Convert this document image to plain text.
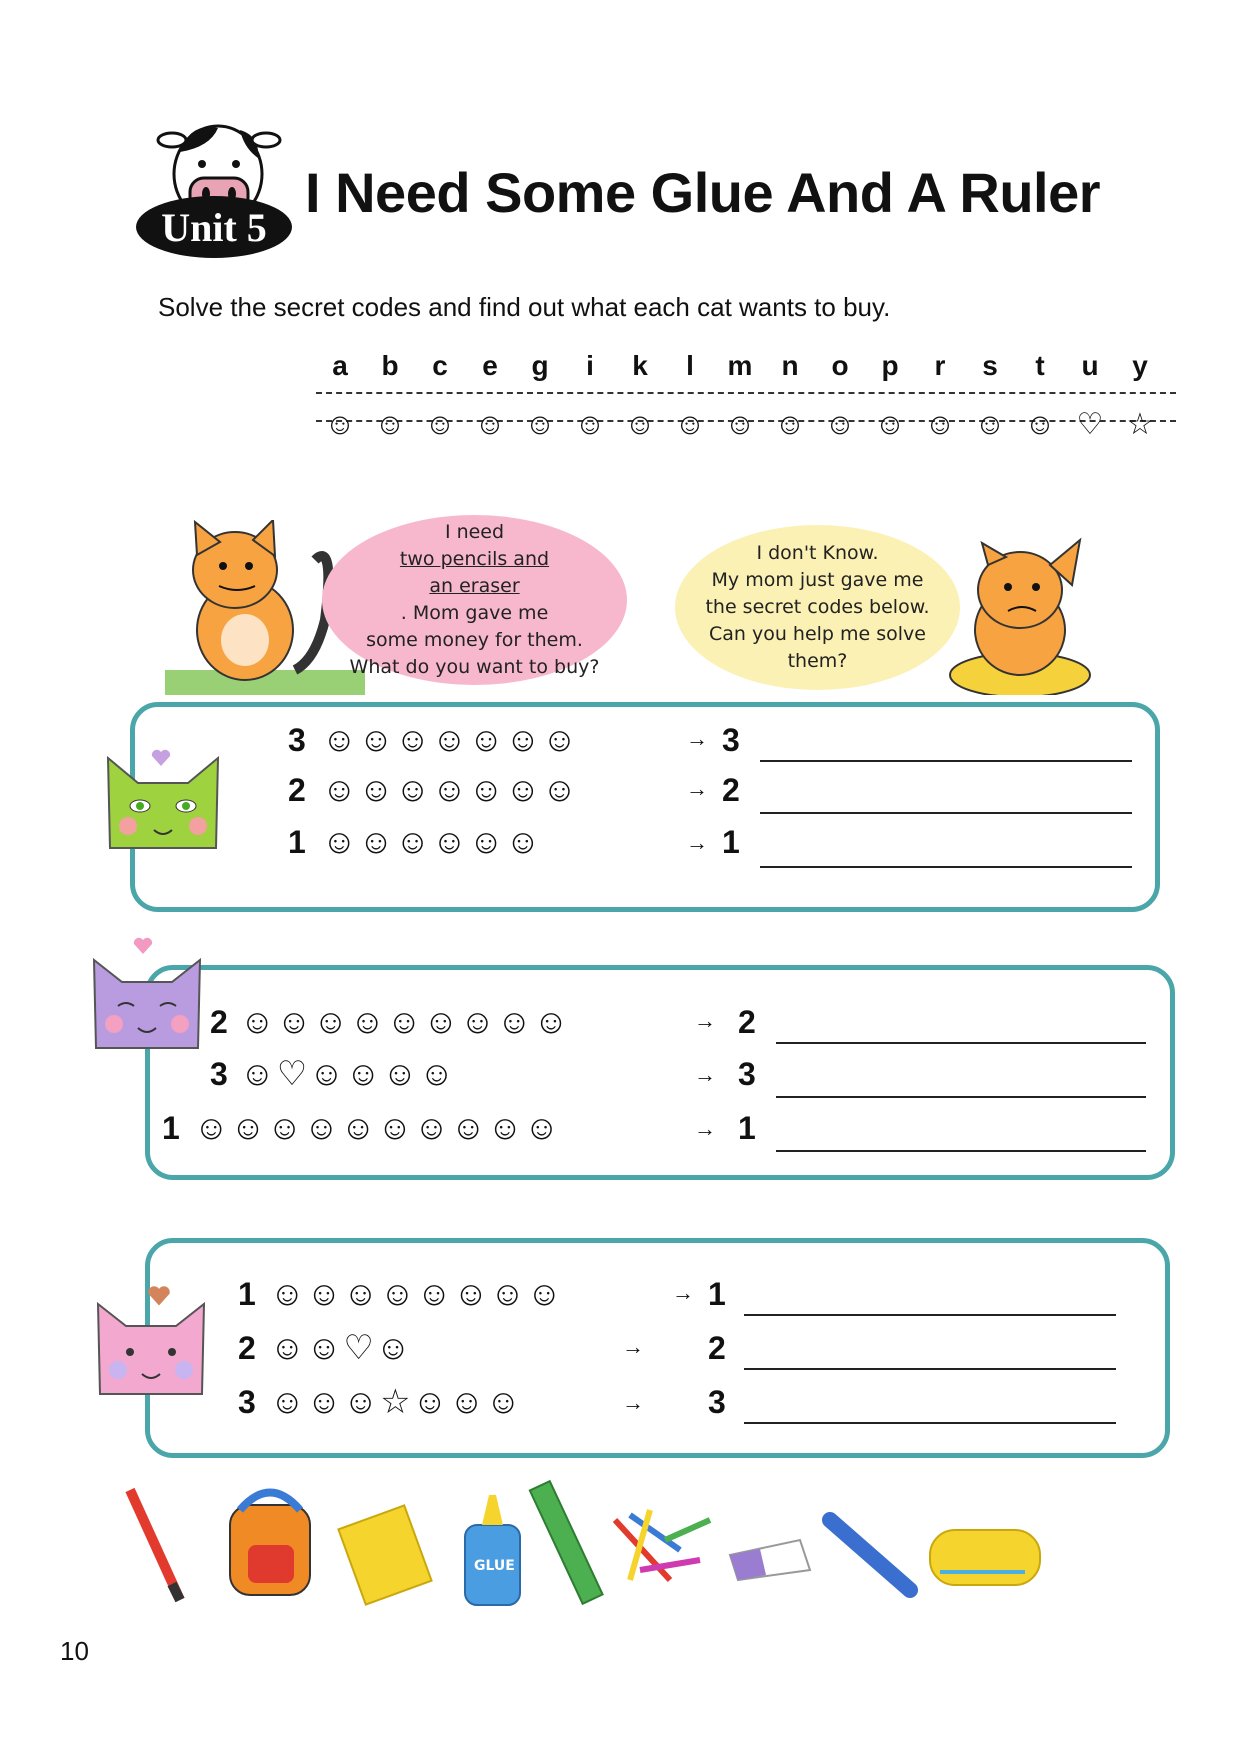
Unit 5
I Need Some Glue And A Ruler
Solve the secret codes and find out what each cat wants to buy.
a	b	c	e	g	i	k	l	m	n	o	p	r	s	t	u	y
☺ ☺ ☺ ☺ ☺ ☺ ☺ ☺ ☺ ☺ ☺ ☺ ☺ ☺ ☺ ♡ ☆
I need
two pencils and
an eraser
. Mom gave me
some money for them.
What do you want to buy?
I don't Know.
My mom just gave me
the secret codes below.
Can you help me solve
them?
3 ☺☺☺☺☺☺☺	→ 3
2 ☺☺☺☺☺☺☺	→ 2
1 ☺☺☺☺☺☺	→ 1
2 ☺☺☺☺☺☺☺☺☺	→ 2
3 ☺♡☺☺☺☺	→ 3
1 ☺☺☺☺☺☺☺☺☺☺	→ 1
1 ☺☺☺☺☺☺☺☺	→ 1
2 ☺☺♡☺	→ 2
3 ☺☺☺☆☺☺☺	→ 3
GLUE
10
